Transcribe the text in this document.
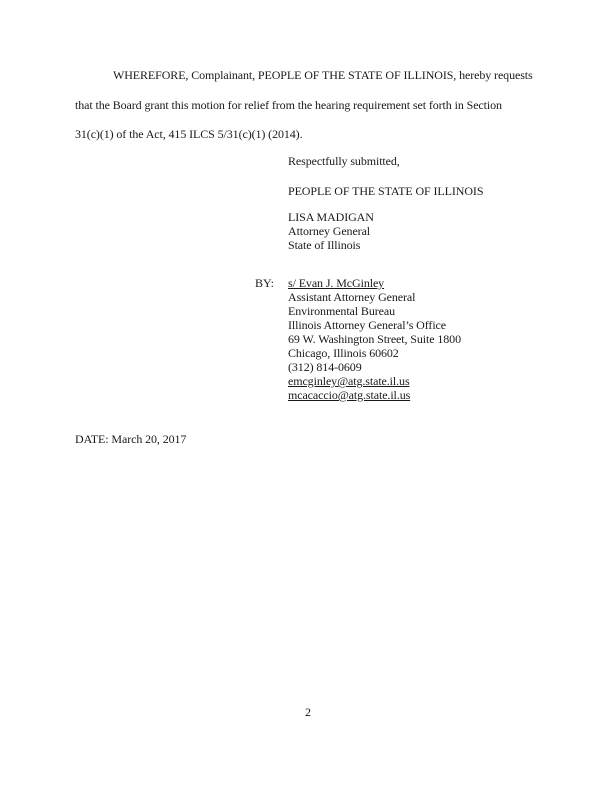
WHEREFORE, Complainant, PEOPLE OF THE STATE OF ILLINOIS, hereby requests
that the Board grant this motion for relief from the hearing requirement set forth in Section
31(c)(1) of the Act, 415 ILCS 5/31(c)(1) (2014).
Respectfully submitted,
PEOPLE OF THE STATE OF ILLINOIS
LISA MADIGAN
Attorney General
State of Illinois
BY:	s/ Evan J. McGinley
Assistant Attorney General
Environmental Bureau
Illinois Attorney General’s Office
69 W. Washington Street, Suite 1800
Chicago, Illinois 60602
(312) 814-0609
emcginley@atg.state.il.us
mcacaccio@atg.state.il.us
DATE: March 20, 2017
2
